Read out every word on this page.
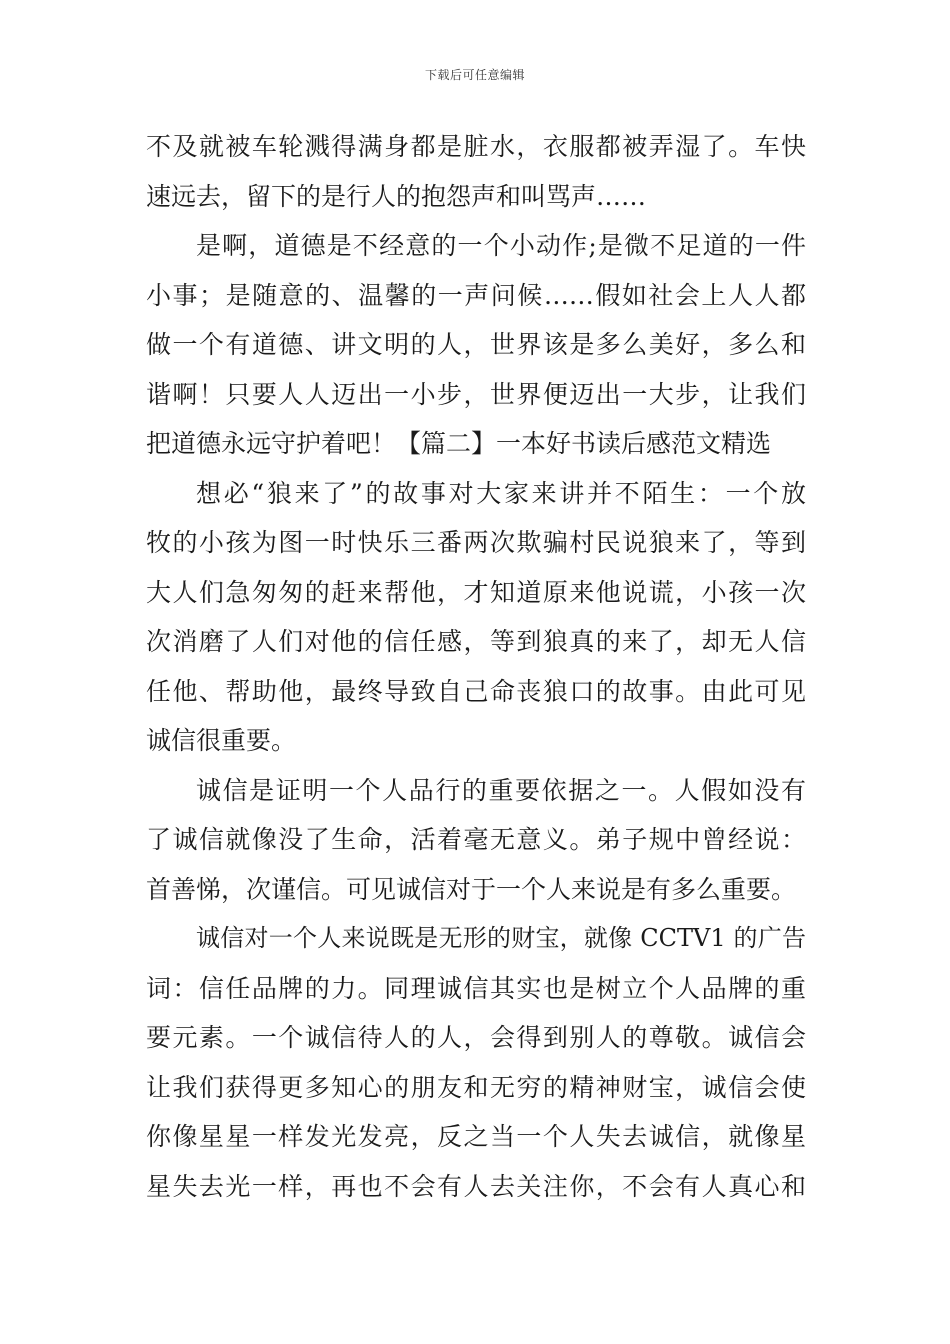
下载后可任意编辑
不及就被车轮溅得满身都是脏水，衣服都被弄湿了。车快
速远去，留下的是行人的抱怨声和叫骂声……
是啊，道德是不经意的一个小动作;是微不足道的一件
小事；是随意的、温馨的一声问候……假如社会上人人都
做一个有道德、讲文明的人，世界该是多么美好，多么和
谐啊！只要人人迈出一小步，世界便迈出一大步，让我们
把道德永远守护着吧！【篇二】一本好书读后感范文精选
想必“狼来了”的故事对大家来讲并不陌生：一个放
牧的小孩为图一时快乐三番两次欺骗村民说狼来了，等到
大人们急匆匆的赶来帮他，才知道原来他说谎，小孩一次
次消磨了人们对他的信任感，等到狼真的来了，却无人信
任他、帮助他，最终导致自己命丧狼口的故事。由此可见
诚信很重要。
诚信是证明一个人品行的重要依据之一。人假如没有
了诚信就像没了生命，活着毫无意义。弟子规中曾经说：
首善悌，次谨信。可见诚信对于一个人来说是有多么重要。
诚信对一个人来说既是无形的财宝，就像 CCTV1 的广告
词：信任品牌的力。同理诚信其实也是树立个人品牌的重
要元素。一个诚信待人的人，会得到别人的尊敬。诚信会
让我们获得更多知心的朋友和无穷的精神财宝，诚信会使
你像星星一样发光发亮，反之当一个人失去诚信，就像星
星失去光一样，再也不会有人去关注你，不会有人真心和
